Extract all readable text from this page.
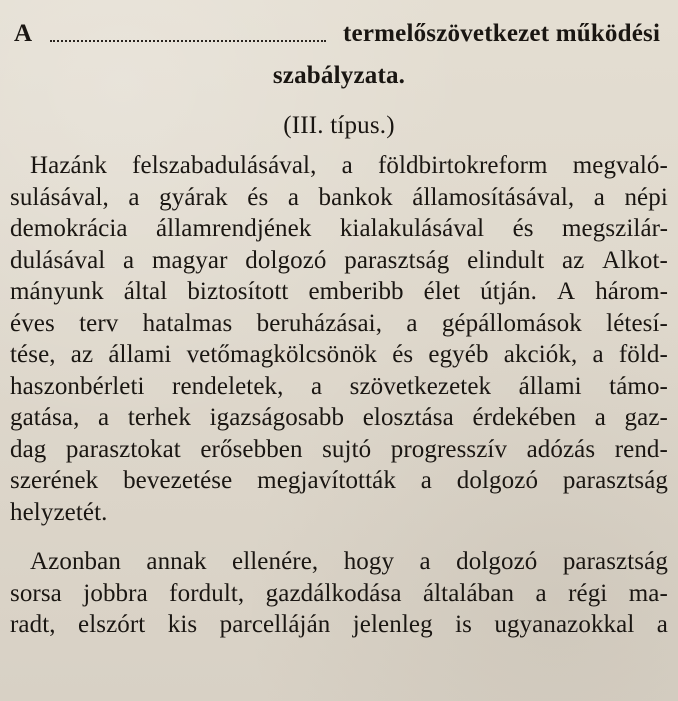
A	termelőszövetkezet működési
szabályzata.
(III. típus.)
Hazánk felszabadulásával, a földbirtokreform megvaló-
sulásával, a gyárak és a bankok államosításával, a népi
demokrácia államrendjének kialakulásával és megszilár-
dulásával a magyar dolgozó parasztság elindult az Alkot-
mányunk által biztosított emberibb élet útján. A három-
éves terv hatalmas beruházásai, a gépállomások létesí-
tése, az állami vetőmagkölcsönök és egyéb akciók, a föld-
haszonbérleti rendeletek, a szövetkezetek állami támo-
gatása, a terhek igazságosabb elosztása érdekében a gaz-
dag parasztokat erősebben sujtó progresszív adózás rend-
szerének bevezetése megjavították a dolgozó parasztság
helyzetét.
Azonban annak ellenére, hogy a dolgozó parasztság
sorsa jobbra fordult, gazdálkodása általában a régi ma-
radt, elszórt kis parcelláján jelenleg is ugyanazokkal a
